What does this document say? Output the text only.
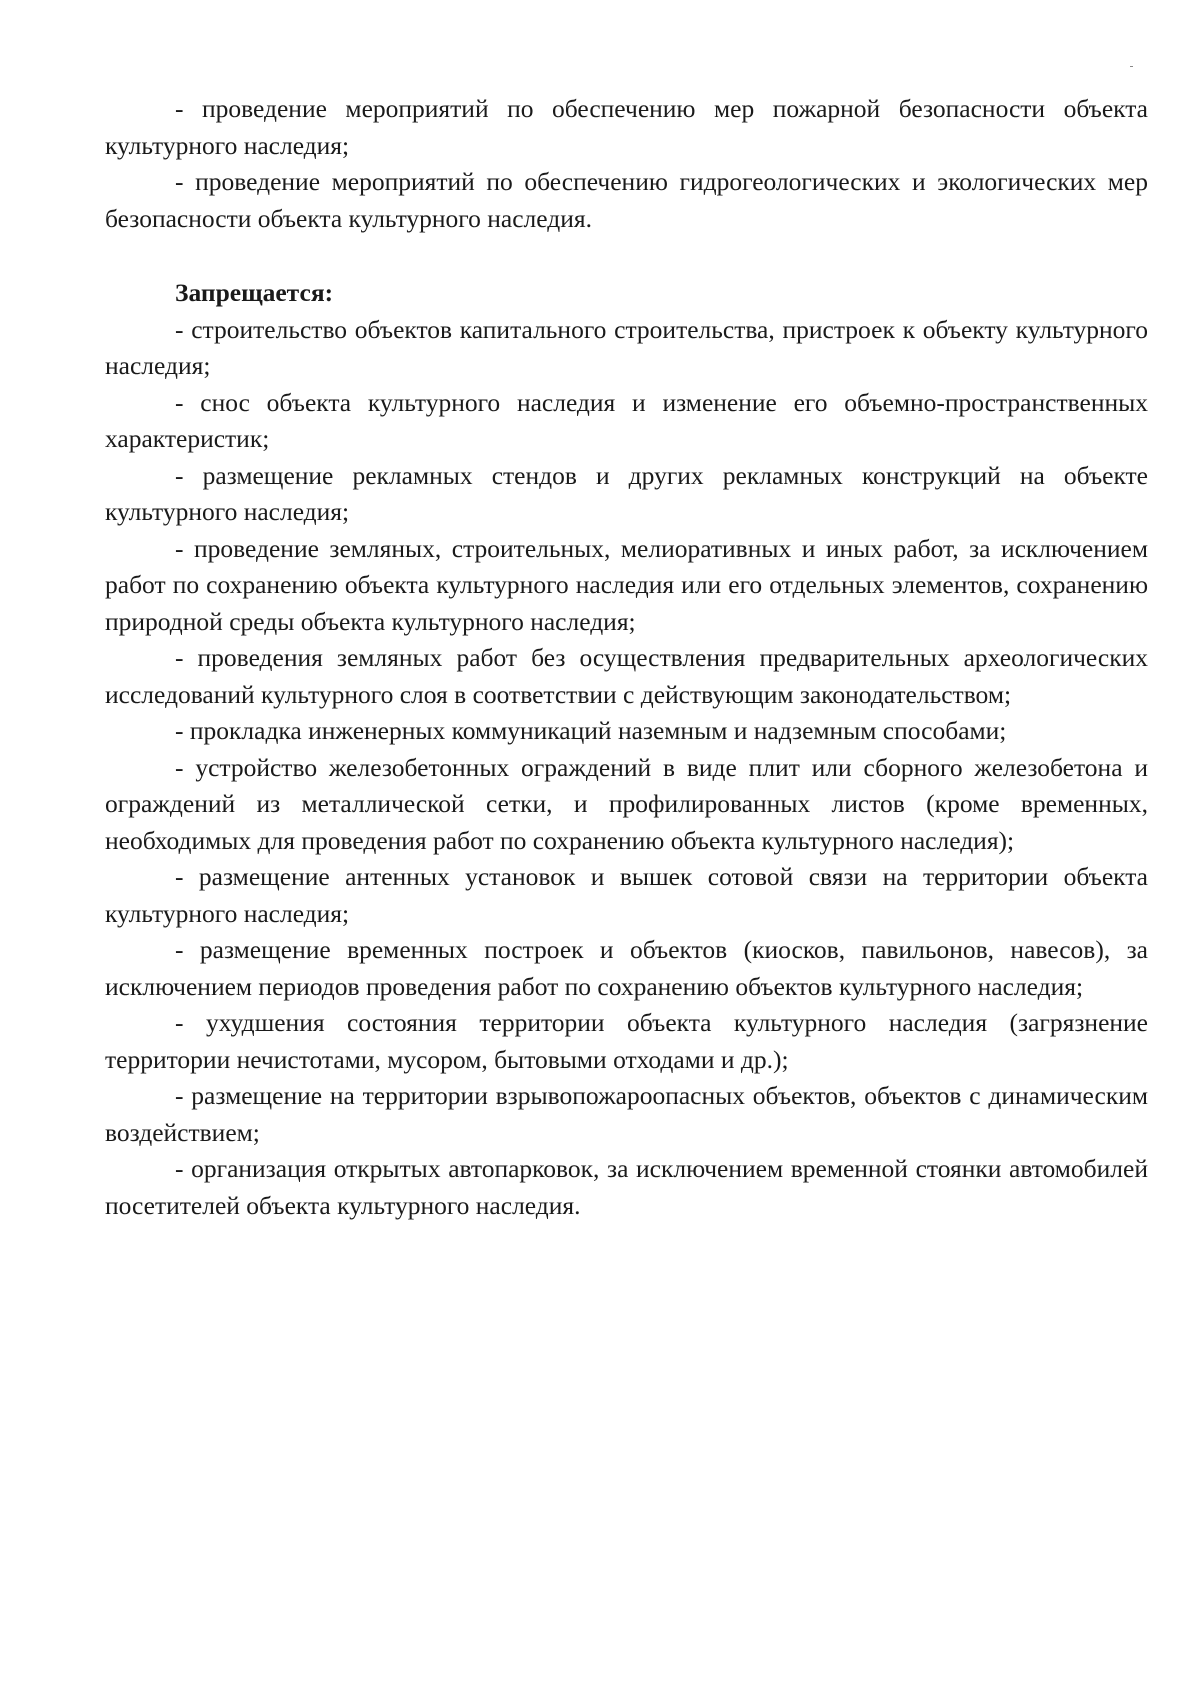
- проведение мероприятий по обеспечению мер пожарной безопасности объекта культурного наследия;

- проведение мероприятий по обеспечению гидрогеологических и экологических мер безопасности объекта культурного наследия.

Запрещается:

- строительство объектов капитального строительства, пристроек к объекту культурного наследия;

- снос объекта культурного наследия и изменение его объемно-пространственных характеристик;

- размещение рекламных стендов и других рекламных конструкций на объекте культурного наследия;

- проведение земляных, строительных, мелиоративных и иных работ, за исключением работ по сохранению объекта культурного наследия или его отдельных элементов, сохранению природной среды объекта культурного наследия;

- проведения земляных работ без осуществления предварительных археологических исследований культурного слоя в соответствии с действующим законодательством;

- прокладка инженерных коммуникаций наземным и надземным способами;

- устройство железобетонных ограждений в виде плит или сборного железобетона и ограждений из металлической сетки, и профилированных листов (кроме временных, необходимых для проведения работ по сохранению объекта культурного наследия);

- размещение антенных установок и вышек сотовой связи на территории объекта культурного наследия;

- размещение временных построек и объектов (киосков, павильонов, навесов), за исключением периодов проведения работ по сохранению объектов культурного наследия;

- ухудшения состояния территории объекта культурного наследия (загрязнение территории нечистотами, мусором, бытовыми отходами и др.);

- размещение на территории взрывопожароопасных объектов, объектов с динамическим воздействием;

- организация открытых автопарковок, за исключением временной стоянки автомобилей посетителей объекта культурного наследия.
